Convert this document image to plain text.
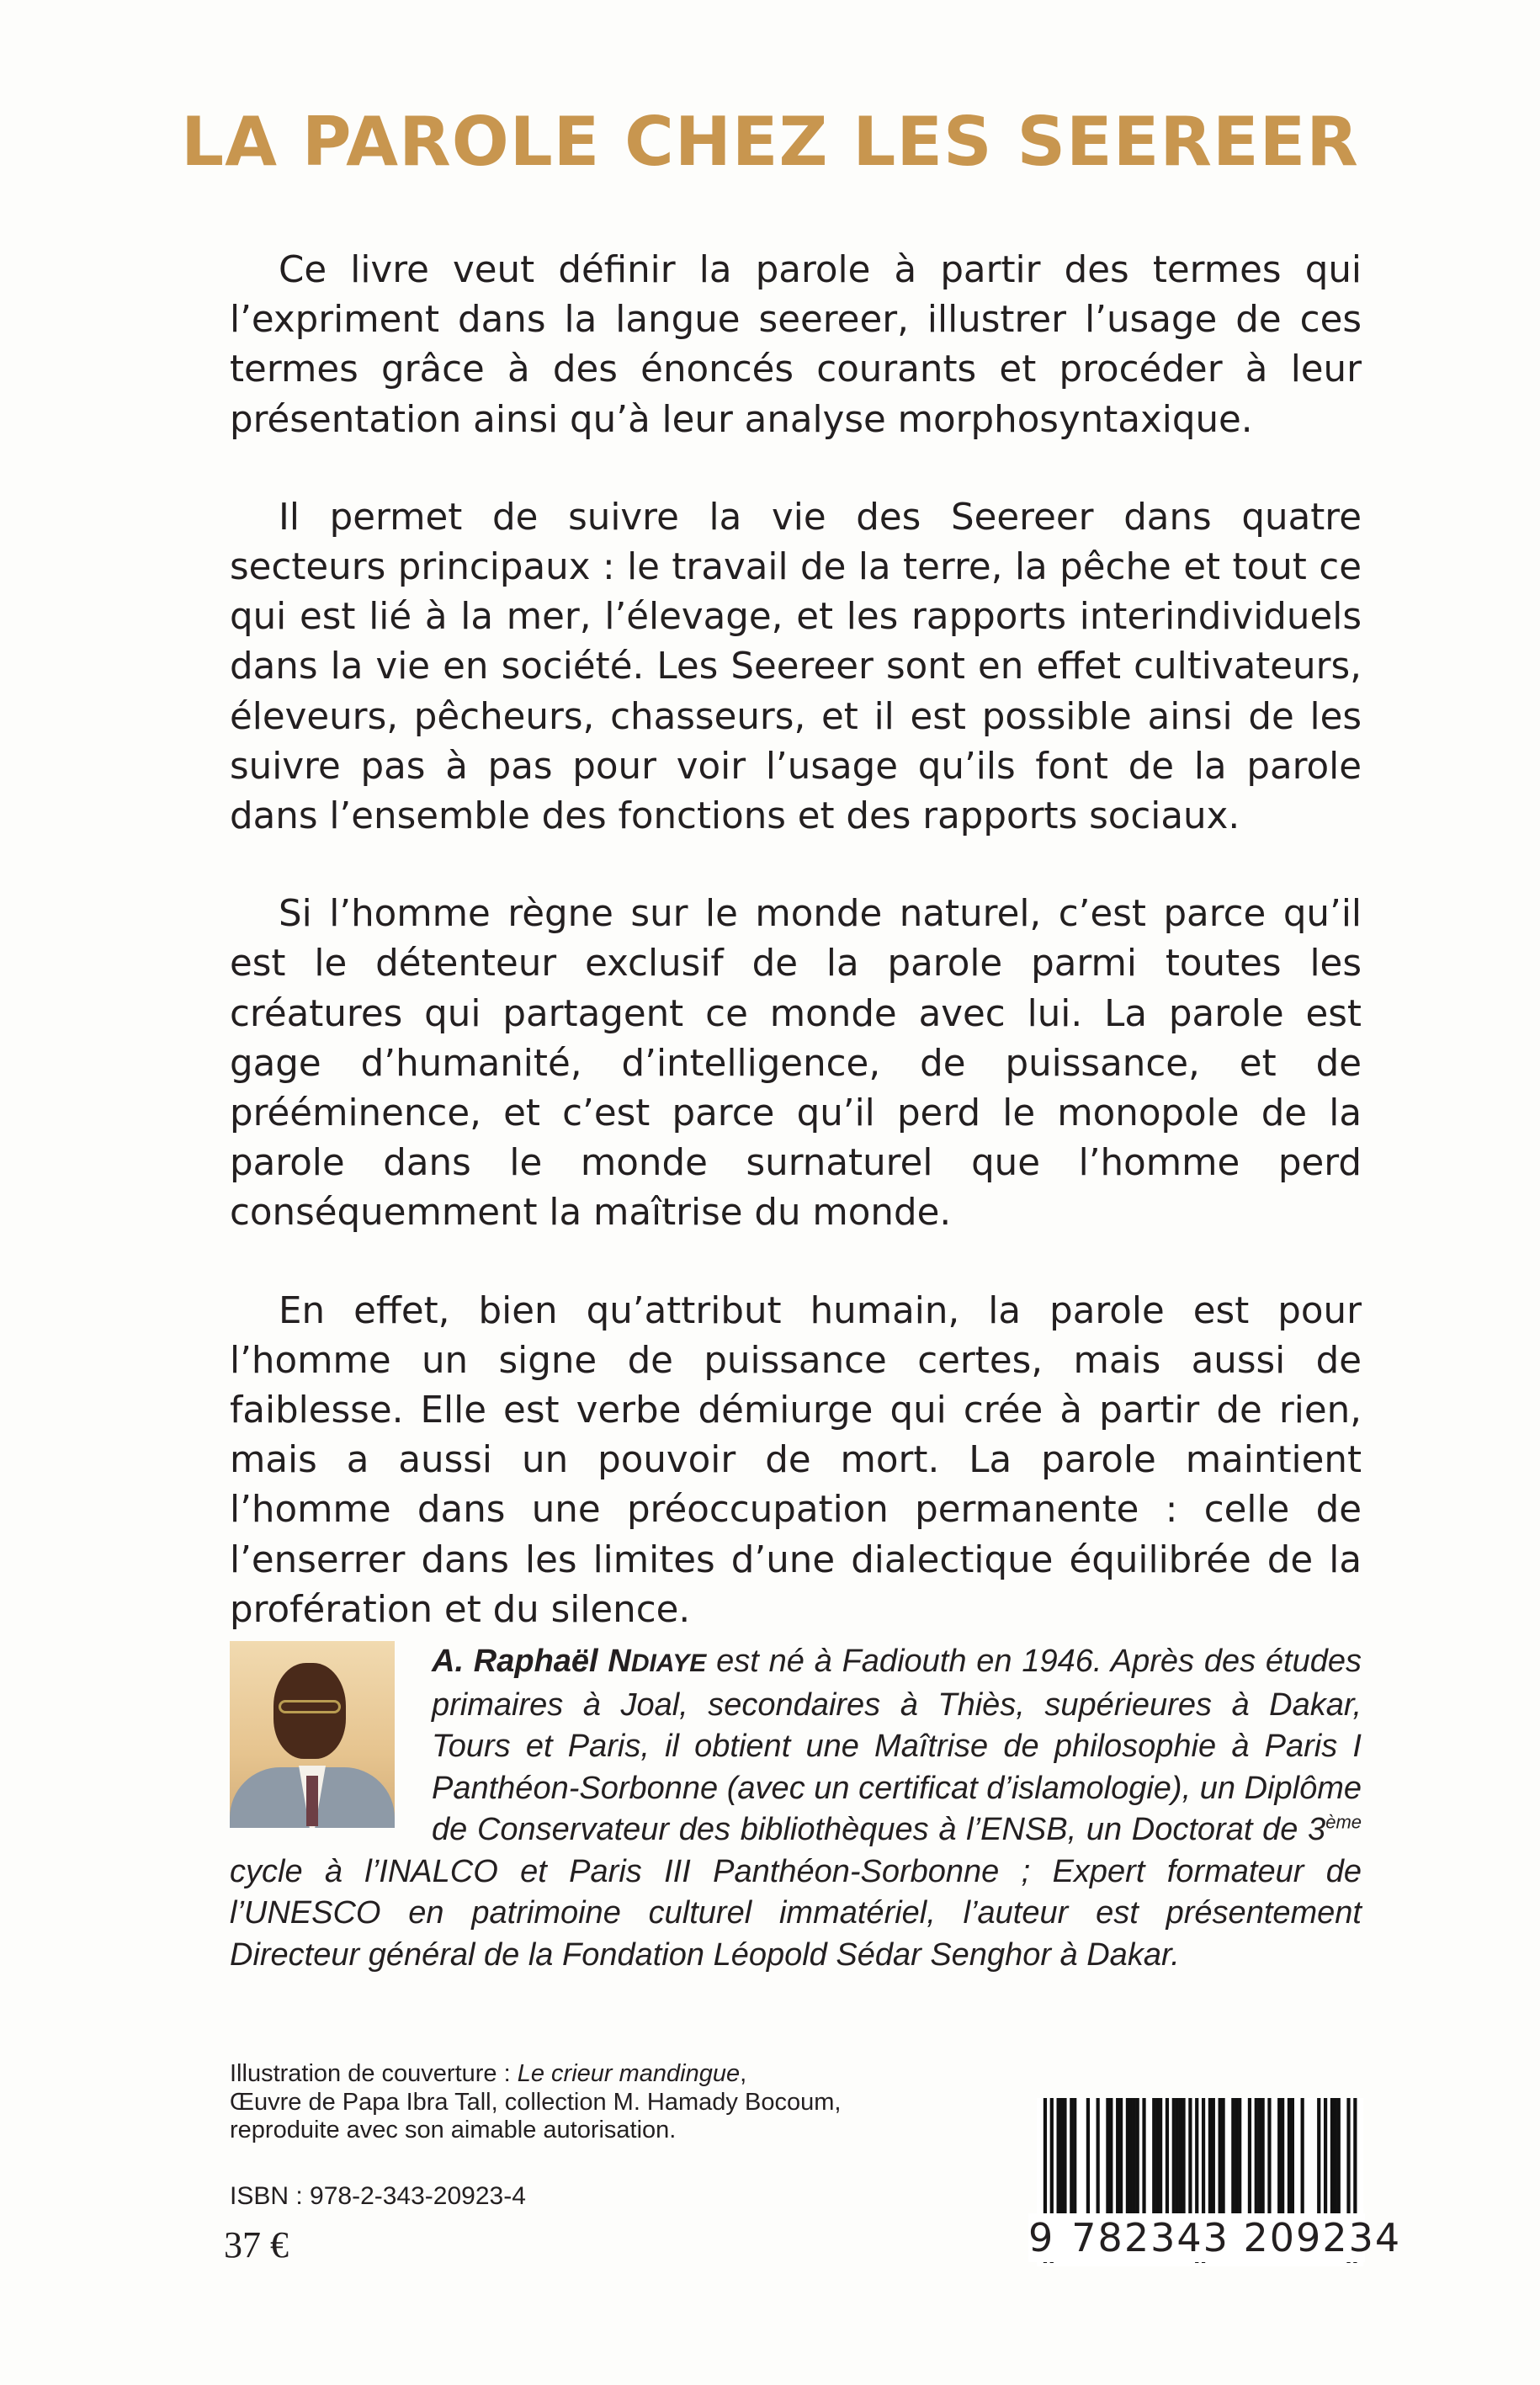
LA PAROLE CHEZ LES SEEREER

Ce livre veut définir la parole à partir des termes qui l’expriment dans la langue seereer, illustrer l’usage de ces termes grâce à des énoncés courants et procéder à leur présentation ainsi qu’à leur analyse morphosyntaxique.

Il permet de suivre la vie des Seereer dans quatre secteurs principaux : le travail de la terre, la pêche et tout ce qui est lié à la mer, l’élevage, et les rapports interindividuels dans la vie en société. Les Seereer sont en effet cultivateurs, éleveurs, pêcheurs, chasseurs, et il est possible ainsi de les suivre pas à pas pour voir l’usage qu’ils font de la parole dans l’ensemble des fonctions et des rapports sociaux.

Si l’homme règne sur le monde naturel, c’est parce qu’il est le détenteur exclusif de la parole parmi toutes les créatures qui partagent ce monde avec lui. La parole est gage d’humanité, d’intelligence, de puissance, et de prééminence, et c’est parce qu’il perd le monopole de la parole dans le monde surnaturel que l’homme perd conséquemment la maîtrise du monde.

En effet, bien qu’attribut humain, la parole est pour l’homme un signe de puissance certes, mais aussi de faiblesse. Elle est verbe démiurge qui crée à partir de rien, mais a aussi un pouvoir de mort. La parole maintient l’homme dans une préoccupation permanente : celle de l’enserrer dans les limites d’une dialectique équilibrée de la profération et du silence.

A. Raphaël NDIAYE est né à Fadiouth en 1946. Après des études primaires à Joal, secondaires à Thiès, supérieures à Dakar, Tours et Paris, il obtient une Maîtrise de philosophie à Paris I Panthéon-Sorbonne (avec un certificat d’islamologie), un Diplôme de Conservateur des bibliothèques à l’ENSB, un Doctorat de 3ème cycle à l’INALCO et Paris III Panthéon-Sorbonne ; Expert formateur de l’UNESCO en patrimoine culturel immatériel, l’auteur est présentement Directeur général de la Fondation Léopold Sédar Senghor à Dakar.
Illustration de couverture : Le crieur mandingue,
Œuvre de Papa Ibra Tall, collection M. Hamady Bocoum,
reproduite avec son aimable autorisation.
ISBN : 978-2-343-20923-4
37 €	9 782343 209234
